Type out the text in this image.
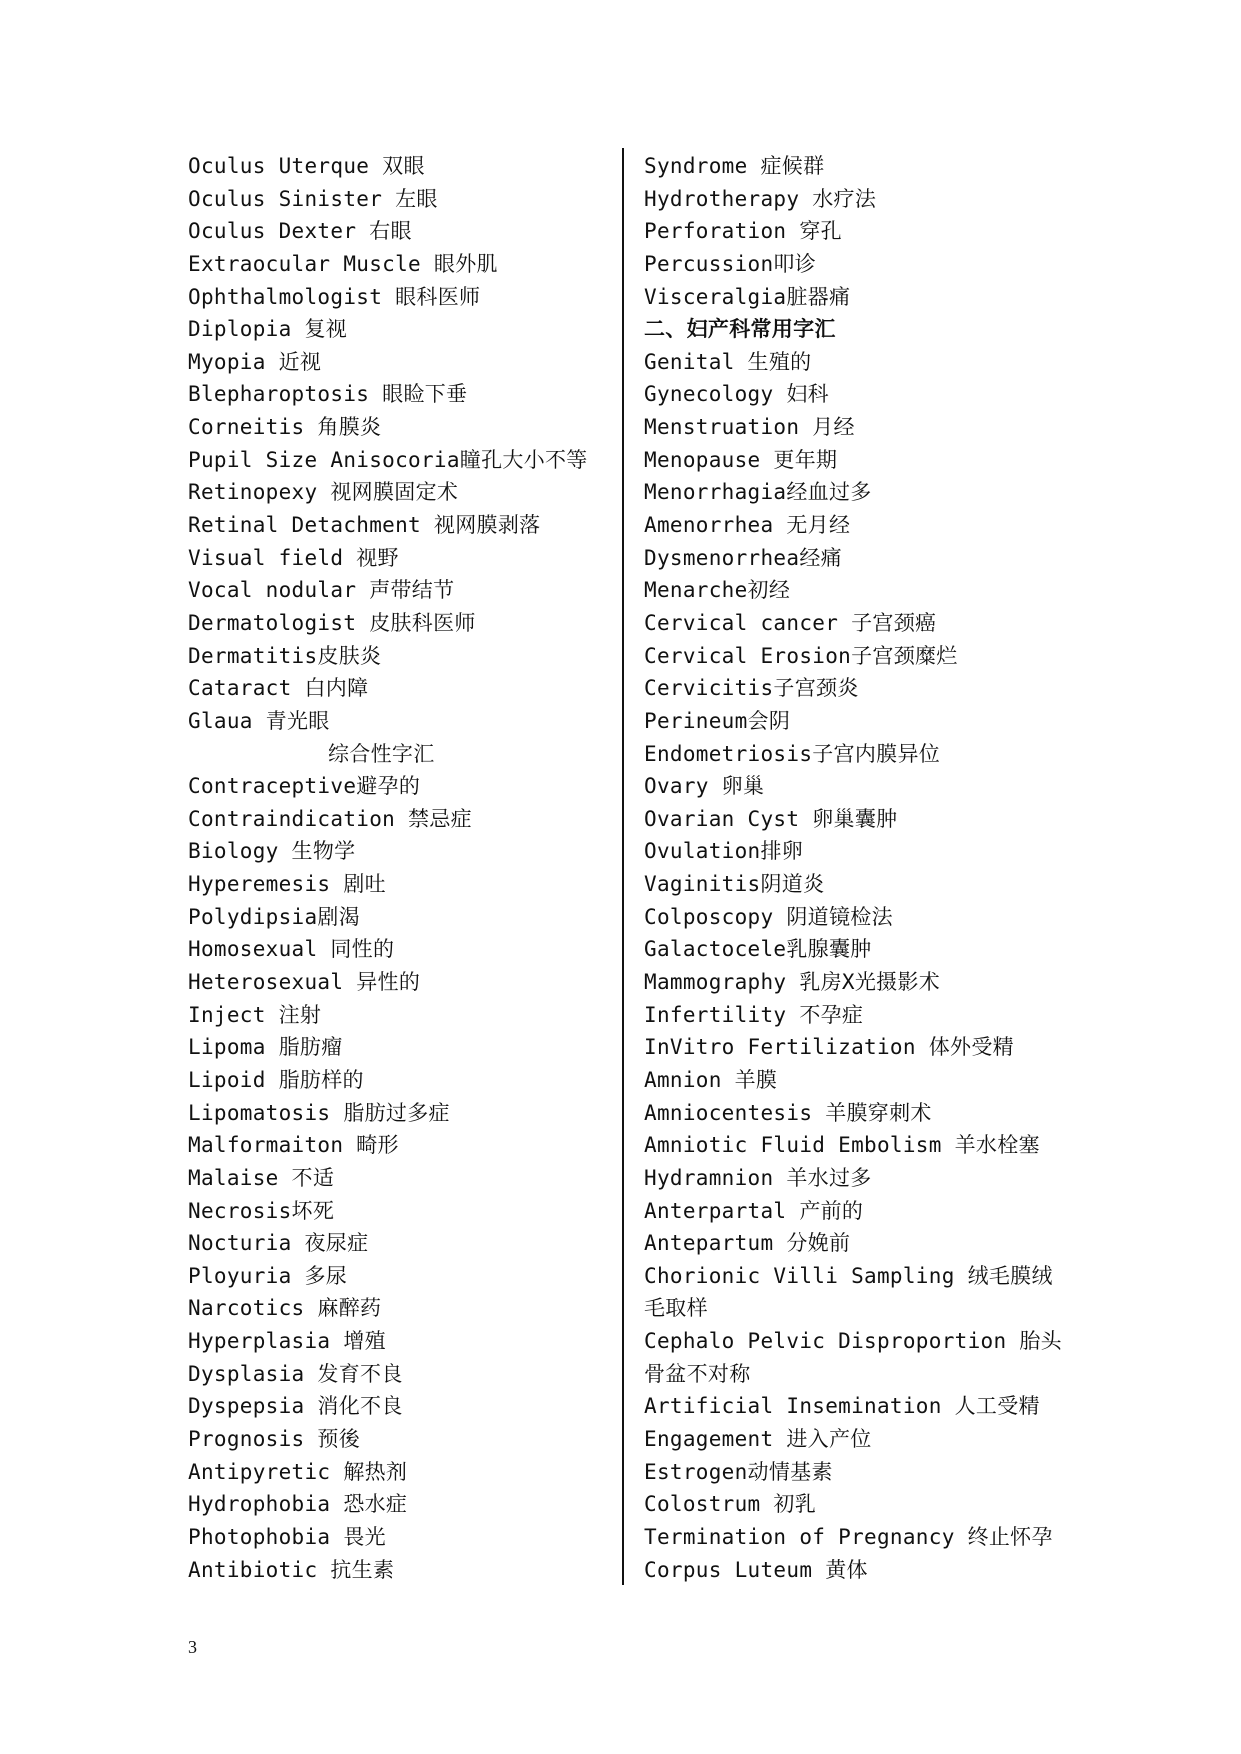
Oculus Uterque 双眼
Oculus Sinister 左眼
Oculus Dexter 右眼
Extraocular Muscle 眼外肌
Ophthalmologist 眼科医师
Diplopia 复视
Myopia 近视
Blepharoptosis 眼睑下垂
Corneitis 角膜炎
Pupil Size Anisocoria瞳孔大小不等
Retinopexy 视网膜固定术
Retinal Detachment 视网膜剥落
Visual field 视野
Vocal nodular 声带结节
Dermatologist 皮肤科医师
Dermatitis皮肤炎
Cataract 白内障
Glaua 青光眼
综合性字汇
Contraceptive避孕的
Contraindication 禁忌症
Biology 生物学
Hyperemesis 剧吐
Polydipsia剧渴
Homosexual 同性的
Heterosexual 异性的
Inject 注射
Lipoma 脂肪瘤
Lipoid 脂肪样的
Lipomatosis 脂肪过多症
Malformaiton 畸形
Malaise 不适
Necrosis坏死
Nocturia 夜尿症
Ployuria 多尿
Narcotics 麻醉药
Hyperplasia 增殖
Dysplasia 发育不良
Dyspepsia 消化不良
Prognosis 预後
Antipyretic 解热剂
Hydrophobia 恐水症
Photophobia 畏光
Antibiotic 抗生素
Syndrome 症候群
Hydrotherapy 水疗法
Perforation 穿孔
Percussion叩诊
Visceralgia脏器痛
二、妇产科常用字汇
Genital 生殖的
Gynecology 妇科
Menstruation 月经
Menopause 更年期
Menorrhagia经血过多
Amenorrhea 无月经
Dysmenorrhea经痛
Menarche初经
Cervical cancer 子宫颈癌
Cervical Erosion子宫颈糜烂
Cervicitis子宫颈炎
Perineum会阴
Endometriosis子宫内膜异位
Ovary 卵巢
Ovarian Cyst 卵巢囊肿
Ovulation排卵
Vaginitis阴道炎
Colposcopy 阴道镜检法
Galactocele乳腺囊肿
Mammography 乳房X光摄影术
Infertility 不孕症
InVitro Fertilization 体外受精
Amnion 羊膜
Amniocentesis 羊膜穿刺术
Amniotic Fluid Embolism 羊水栓塞
Hydramnion 羊水过多
Anterpartal 产前的
Antepartum 分娩前
Chorionic Villi Sampling 绒毛膜绒
毛取样
Cephalo Pelvic Disproportion 胎头
骨盆不对称
Artificial Insemination 人工受精
Engagement 进入产位
Estrogen动情基素
Colostrum 初乳
Termination of Pregnancy 终止怀孕
Corpus Luteum 黄体
3
